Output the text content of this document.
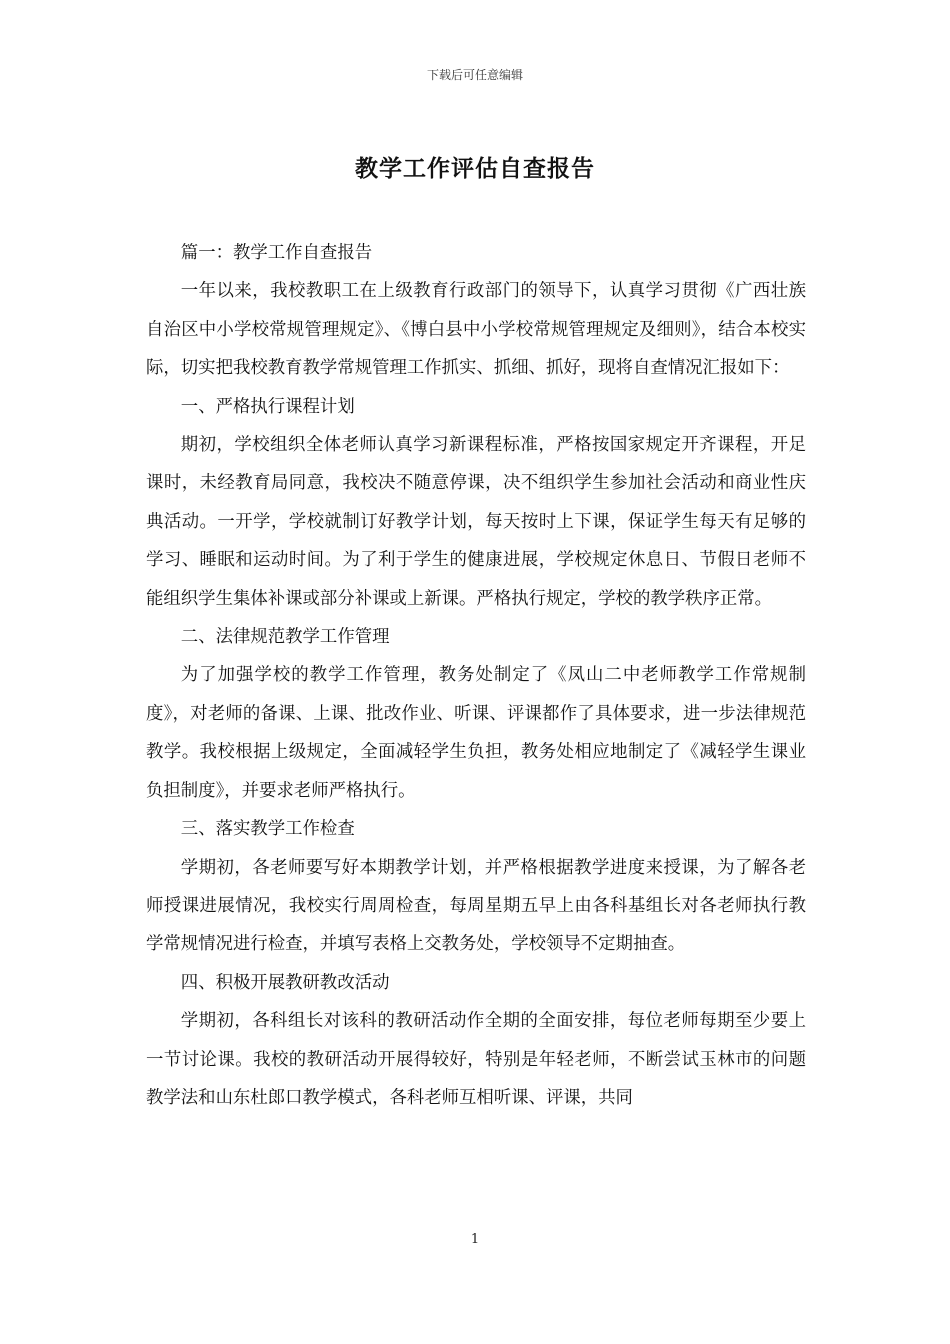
下载后可任意编辑
教学工作评估自查报告

篇一：教学工作自查报告

一年以来，我校教职工在上级教育行政部门的领导下，认真学习贯彻《广西壮族自治区中小学校常规管理规定》、《博白县中小学校常规管理规定及细则》，结合本校实际，切实把我校教育教学常规管理工作抓实、抓细、抓好，现将自查情况汇报如下：

一、严格执行课程计划

期初，学校组织全体老师认真学习新课程标准，严格按国家规定开齐课程，开足课时，未经教育局同意，我校决不随意停课，决不组织学生参加社会活动和商业性庆典活动。一开学，学校就制订好教学计划，每天按时上下课，保证学生每天有足够的学习、睡眠和运动时间。为了利于学生的健康进展，学校规定休息日、节假日老师不能组织学生集体补课或部分补课或上新课。严格执行规定，学校的教学秩序正常。

二、法律规范教学工作管理

为了加强学校的教学工作管理，教务处制定了《凤山二中老师教学工作常规制度》，对老师的备课、上课、批改作业、听课、评课都作了具体要求，进一步法律规范教学。我校根据上级规定，全面减轻学生负担，教务处相应地制定了《减轻学生课业负担制度》，并要求老师严格执行。

三、落实教学工作检查

学期初，各老师要写好本期教学计划，并严格根据教学进度来授课，为了解各老师授课进展情况，我校实行周周检查，每周星期五早上由各科基组长对各老师执行教学常规情况进行检查，并填写表格上交教务处，学校领导不定期抽查。

四、积极开展教研教改活动

学期初，各科组长对该科的教研活动作全期的全面安排，每位老师每期至少要上一节讨论课。我校的教研活动开展得较好，特别是年轻老师，不断尝试玉林市的问题教学法和山东杜郎口教学模式，各科老师互相听课、评课，共同

1
